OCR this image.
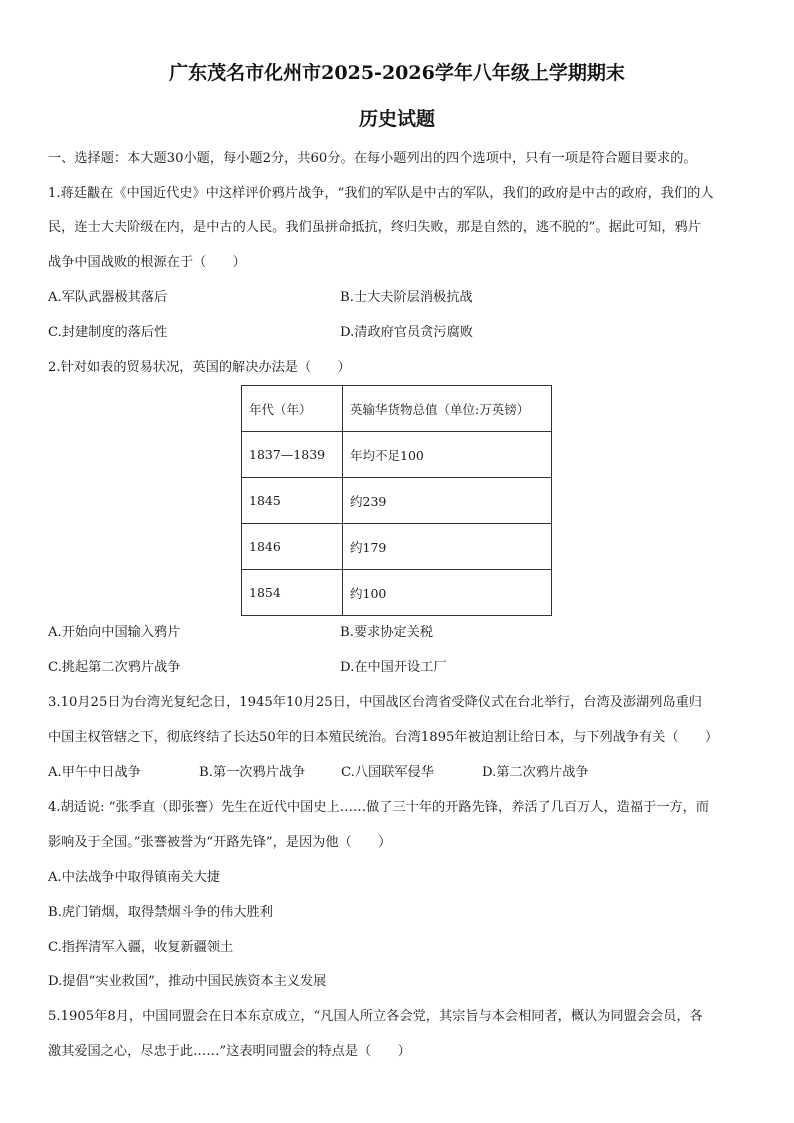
广东茂名市化州市2025-2026学年八年级上学期期末
历史试题
一、选择题：本大题30小题，每小题2分，共60分。在每小题列出的四个选项中，只有一项是符合题目要求的。
1.蒋廷黻在《中国近代史》中这样评价鸦片战争，“我们的军队是中古的军队，我们的政府是中古的政府，我们的人
民，连士大夫阶级在内，是中古的人民。我们虽拼命抵抗，终归失败，那是自然的，逃不脱的”。据此可知，鸦片
战争中国战败的根源在于（　　）
A.军队武器极其落后	B.士大夫阶层消极抗战
C.封建制度的落后性	D.清政府官员贪污腐败
2.针对如表的贸易状况，英国的解决办法是（　　）
年代（年）	英输华货物总值（单位:万英镑）
1837—1839	年均不足100
1845	约239
1846	约179
1854	约100
A.开始向中国输入鸦片	B.要求协定关税
C.挑起第二次鸦片战争	D.在中国开设工厂
3.10月25日为台湾光复纪念日，1945年10月25日，中国战区台湾省受降仪式在台北举行，台湾及澎湖列岛重归
中国主权管辖之下，彻底终结了长达50年的日本殖民统治。台湾1895年被迫割让给日本，与下列战争有关（　　）
A.甲午中日战争	B.第一次鸦片战争	C.八国联军侵华	D.第二次鸦片战争
4.胡适说: “张季直（即张謇）先生在近代中国史上……做了三十年的开路先锋，养活了几百万人，造福于一方，而
影响及于全国。”张謇被誉为“开路先锋”，是因为他（　　）
A.中法战争中取得镇南关大捷
B.虎门销烟，取得禁烟斗争的伟大胜利
C.指挥清军入疆，收复新疆领土
D.提倡“实业救国”，推动中国民族资本主义发展
5.1905年8月，中国同盟会在日本东京成立，“凡国人所立各会党，其宗旨与本会相同者，概认为同盟会会员，各
激其爱国之心，尽忠于此……”这表明同盟会的特点是（　　）
